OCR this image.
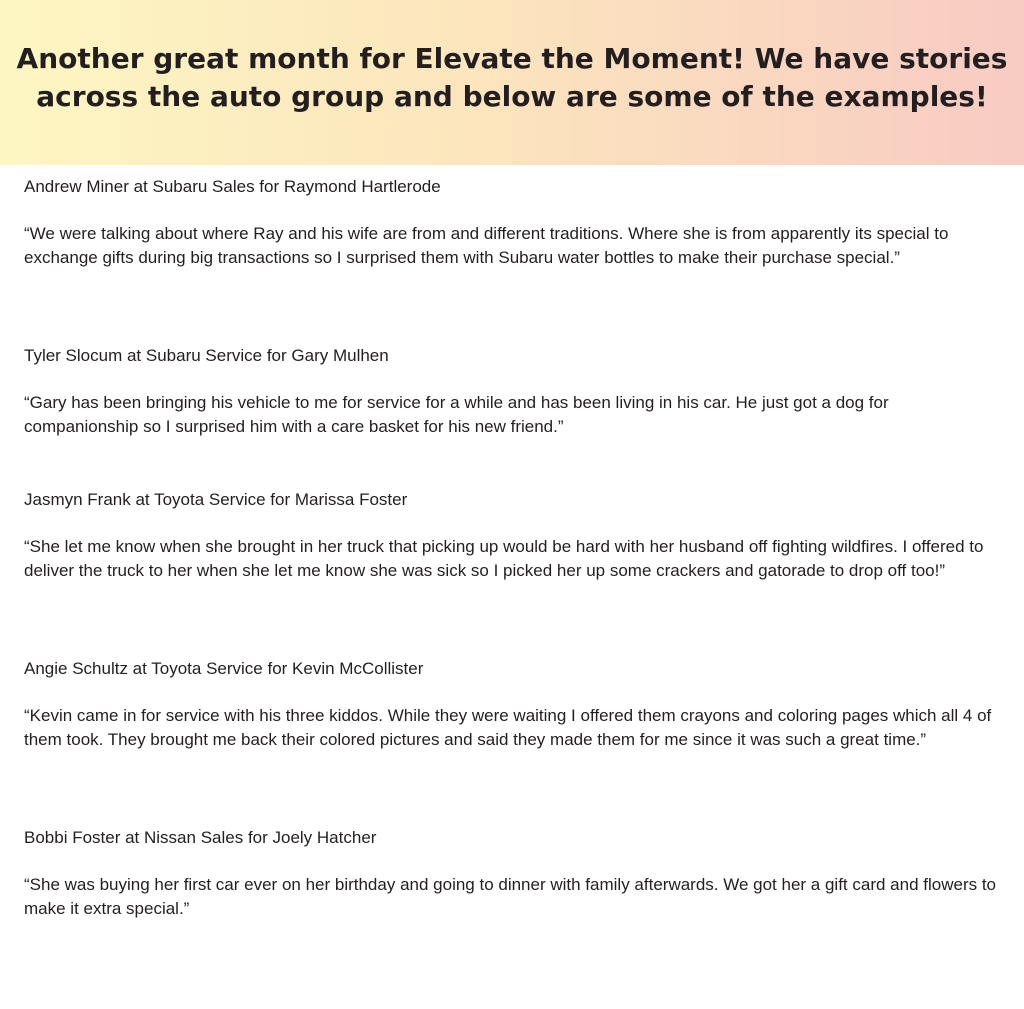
Another great month for Elevate the Moment! We have stories
across the auto group and below are some of the examples!

Andrew Miner at Subaru Sales for Raymond Hartlerode

“We were talking about where Ray and his wife are from and different traditions. Where she is from apparently its special to exchange gifts during big transactions so I surprised them with Subaru water bottles to make their purchase special.”

Tyler Slocum at Subaru Service for Gary Mulhen

“Gary has been bringing his vehicle to me for service for a while and has been living in his car. He just got a dog for companionship so I surprised him with a care basket for his new friend.”

Jasmyn Frank at Toyota Service for Marissa Foster

“She let me know when she brought in her truck that picking up would be hard with her husband off fighting wildfires. I offered to deliver the truck to her when she let me know she was sick so I picked her up some crackers and gatorade to drop off too!”

Angie Schultz at Toyota Service for Kevin McCollister

“Kevin came in for service with his three kiddos. While they were waiting I offered them crayons and coloring pages which all 4 of them took. They brought me back their colored pictures and said they made them for me since it was such a great time.”

Bobbi Foster at Nissan Sales for Joely Hatcher

“She was buying her first car ever on her birthday and going to dinner with family afterwards. We got her a gift card and flowers to make it extra special.”
